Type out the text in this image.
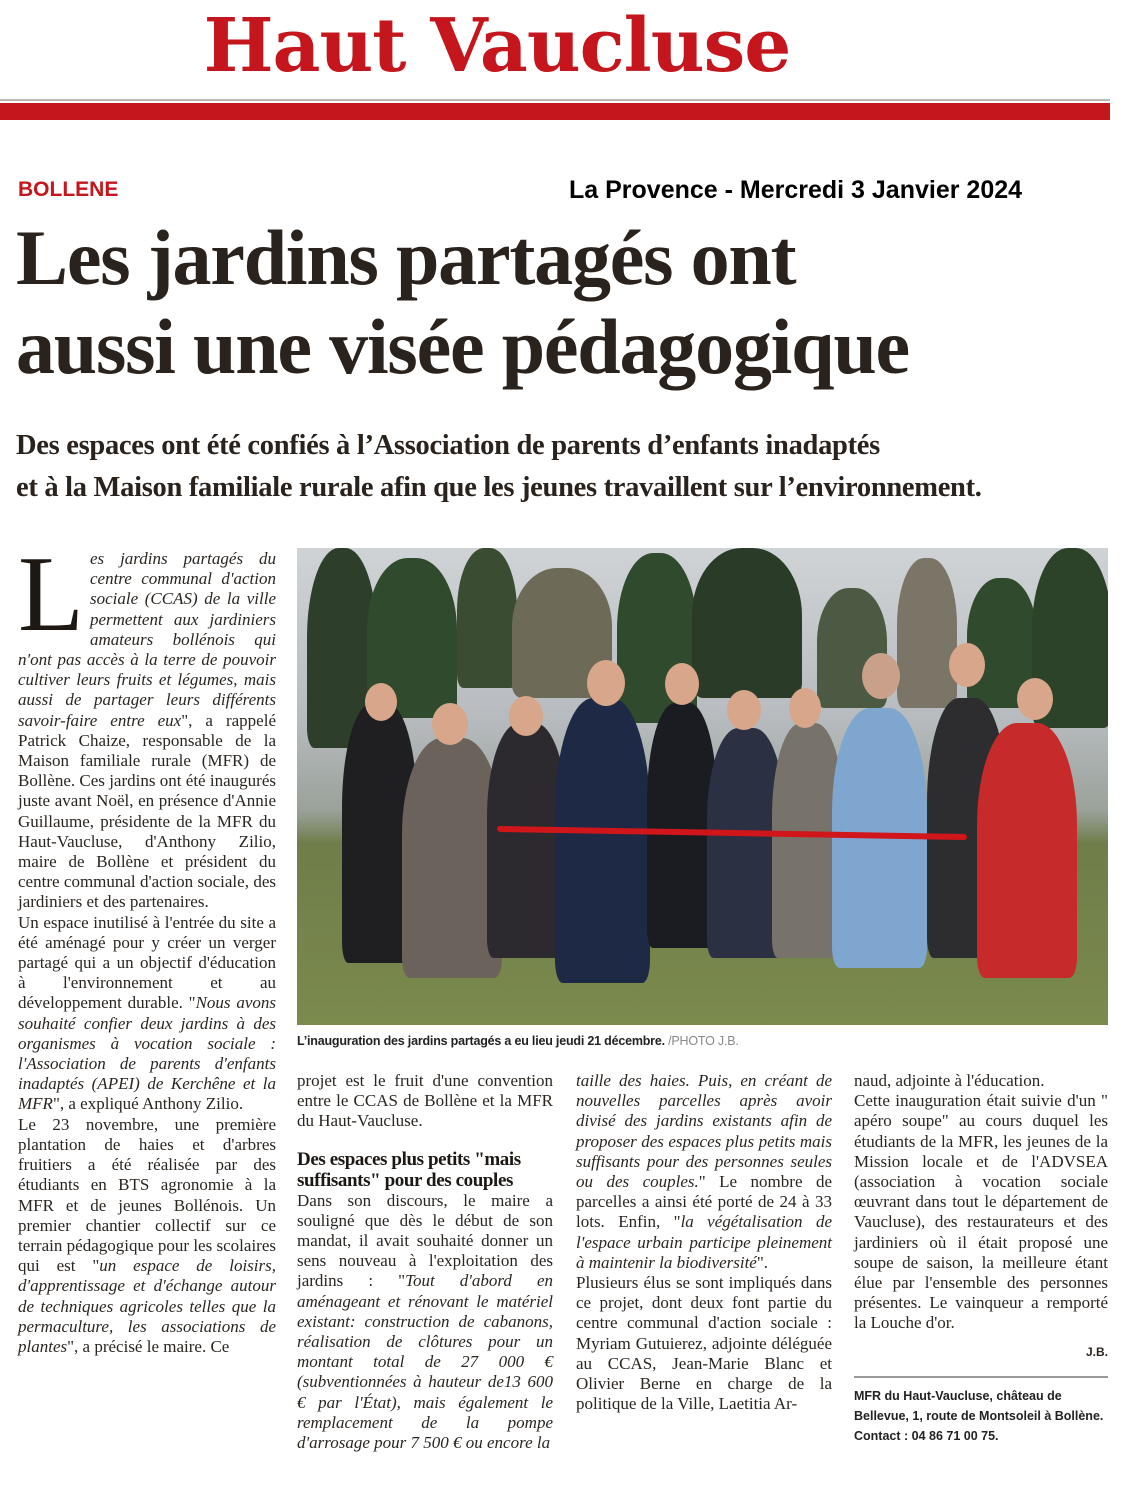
Haut Vaucluse
BOLLENE	La Provence - Mercredi 3 Janvier 2024
Les jardins partagés ont
aussi une visée pédagogique
Des espaces ont été confiés à l’Association de parents d’enfants inadaptés
et à la Maison familiale rurale afin que les jeunes travaillent sur l’environnement.

Les jardins partagés du centre communal d'action sociale (CCAS) de la ville permettent aux jardiniers amateurs bollénois qui n'ont pas accès à la terre de pouvoir cultiver leurs fruits et légumes, mais aussi de partager leurs différents savoir-faire entre eux", a rappelé Patrick Chaize, responsable de la Maison familiale rurale (MFR) de Bollène. Ces jardins ont été inaugurés juste avant Noël, en présence d'Annie Guillaume, présidente de la MFR du Haut-Vaucluse, d'Anthony Zilio, maire de Bollène et président du centre communal d'action sociale, des jardiniers et des partenaires.

Un espace inutilisé à l'entrée du site a été aménagé pour y créer un verger partagé qui a un objectif d'éducation à l'environnement et au développement durable. "Nous avons souhaité confier deux jardins à des organismes à vocation sociale : l'Association de parents d'enfants inadaptés (APEI) de Kerchêne et la MFR", a expliqué Anthony Zilio.

Le 23 novembre, une première plantation de haies et d'arbres fruitiers a été réalisée par des étudiants en BTS agronomie à la MFR et de jeunes Bollénois. Un premier chantier collectif sur ce terrain pédagogique pour les scolaires qui est "un espace de loisirs, d'apprentissage et d'échange autour de techniques agricoles telles que la permaculture, les associations de plantes", a précisé le maire. Ce

L’inauguration des jardins partagés a eu lieu jeudi 21 décembre. /PHOTO J.B.

projet est le fruit d'une convention entre le CCAS de Bollène et la MFR du Haut-Vaucluse.

Des espaces plus petits "mais suffisants" pour des couples

Dans son discours, le maire a souligné que dès le début de son mandat, il avait souhaité donner un sens nouveau à l'exploitation des jardins : "Tout d'abord en aménageant et rénovant le matériel existant: construction de cabanons, réalisation de clôtures pour un montant total de 27 000 € (subventionnées à hauteur de13 600 € par l'État), mais également le remplacement de la pompe d'arrosage pour 7 500 € ou encore la

taille des haies. Puis, en créant de nouvelles parcelles après avoir divisé des jardins existants afin de proposer des espaces plus petits mais suffisants pour des personnes seules ou des couples." Le nombre de parcelles a ainsi été porté de 24 à 33 lots. Enfin, "la végétalisation de l'espace urbain participe pleinement à maintenir la biodiversité".

Plusieurs élus se sont impliqués dans ce projet, dont deux font partie du centre communal d'action sociale : Myriam Gutuierez, adjointe déléguée au CCAS, Jean-Marie Blanc et Olivier Berne en charge de la politique de la Ville, Laetitia Ar-

naud, adjointe à l'éducation.

Cette inauguration était suivie d'un " apéro soupe" au cours duquel les étudiants de la MFR, les jeunes de la Mission locale et de l'ADVSEA (association à vocation sociale œuvrant dans tout le département de Vaucluse), des restaurateurs et des jardiniers où il était proposé une soupe de saison, la meilleure étant élue par l'ensemble des personnes présentes. Le vainqueur a remporté la Louche d'or.

J.B.
MFR du Haut-Vaucluse, château de Bellevue, 1, route de Montsoleil à Bollène. Contact : 04 86 71 00 75.
